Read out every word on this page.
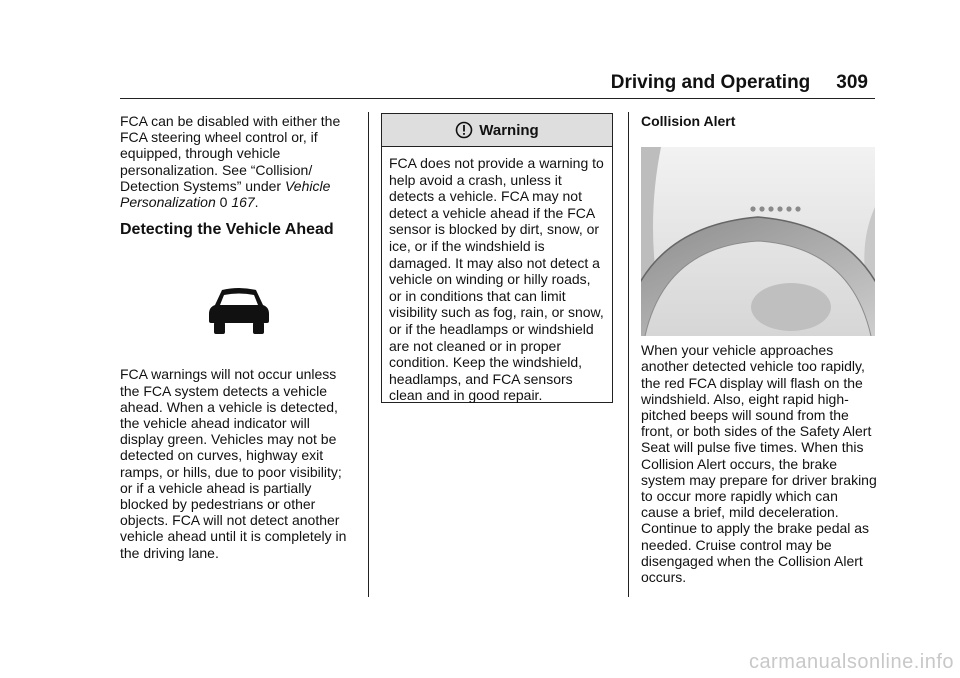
Driving and Operating 309

FCA can be disabled with either the FCA steering wheel control or, if equipped, through vehicle personalization. See “Collision/ Detection Systems” under Vehicle Personalization 0 167.

Detecting the Vehicle Ahead

FCA warnings will not occur unless the FCA system detects a vehicle ahead. When a vehicle is detected, the vehicle ahead indicator will display green. Vehicles may not be detected on curves, highway exit ramps, or hills, due to poor visibility; or if a vehicle ahead is partially blocked by pedestrians or other objects. FCA will not detect another vehicle ahead until it is completely in the driving lane.

Warning
FCA does not provide a warning to help avoid a crash, unless it detects a vehicle. FCA may not detect a vehicle ahead if the FCA sensor is blocked by dirt, snow, or ice, or if the windshield is damaged. It may also not detect a vehicle on winding or hilly roads, or in conditions that can limit visibility such as fog, rain, or snow, or if the headlamps or windshield are not cleaned or in proper condition. Keep the windshield, headlamps, and FCA sensors clean and in good repair.

Collision Alert

When your vehicle approaches another detected vehicle too rapidly, the red FCA display will flash on the windshield. Also, eight rapid high-pitched beeps will sound from the front, or both sides of the Safety Alert Seat will pulse five times. When this Collision Alert occurs, the brake system may prepare for driver braking to occur more rapidly which can cause a brief, mild deceleration. Continue to apply the brake pedal as needed. Cruise control may be disengaged when the Collision Alert occurs.

carmanualsonline.info
